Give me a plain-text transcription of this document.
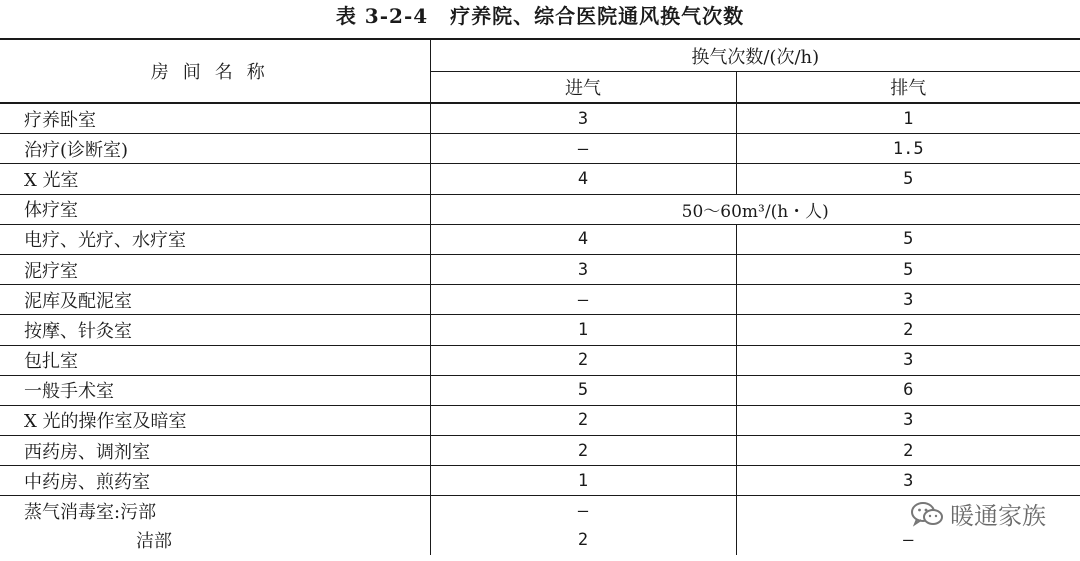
表 3-2-4 疗养院、综合医院通风换气次数
房间名称	换气次数/(次/h)	
	进气	排气
疗养卧室	3	1
治疗(诊断室)	—	1.5
X 光室	4	5
体疗室	50～60m³/(h・人)	
电疗、光疗、水疗室	4	5
泥疗室	3	5
泥库及配泥室	—	3
按摩、针灸室	1	2
包扎室	2	3
一般手术室	5	6
X 光的操作室及暗室	2	3
西药房、调剂室	2	2
中药房、煎药室	1	3
蒸气消毒室:污部	—	
洁部	2	—
暖通家族
